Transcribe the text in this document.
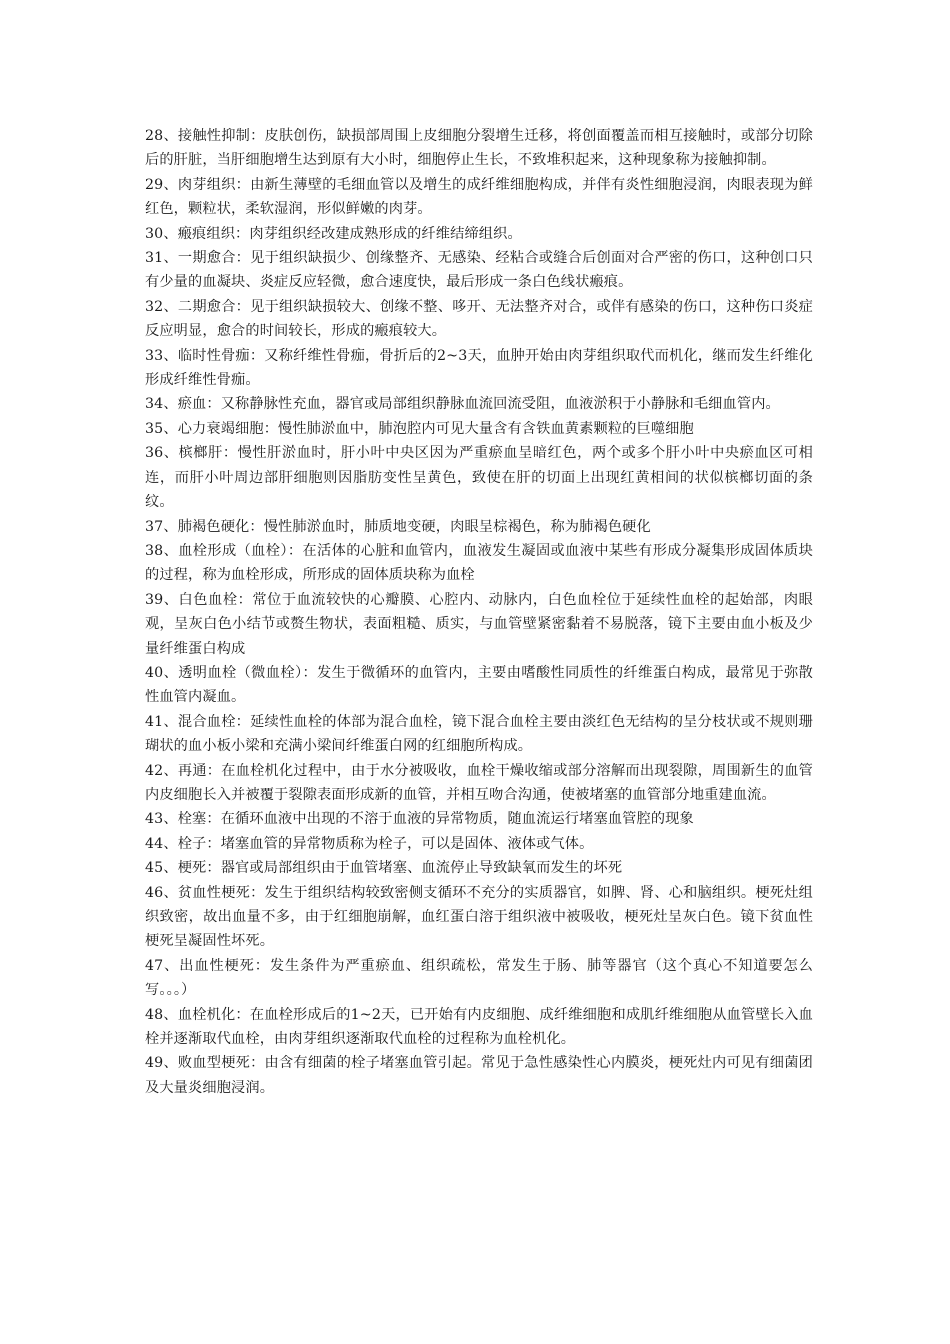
28、接触性抑制：皮肤创伤，缺损部周围上皮细胞分裂增生迁移，将创面覆盖而相互接触时，或部分切除后的肝脏，当肝细胞增生达到原有大小时，细胞停止生长，不致堆积起来，这种现象称为接触抑制。

29、肉芽组织：由新生薄壁的毛细血管以及增生的成纤维细胞构成，并伴有炎性细胞浸润，肉眼表现为鲜红色，颗粒状，柔软湿润，形似鲜嫩的肉芽。

30、瘢痕组织：肉芽组织经改建成熟形成的纤维结缔组织。

31、一期愈合：见于组织缺损少、创缘整齐、无感染、经粘合或缝合后创面对合严密的伤口，这种创口只有少量的血凝块、炎症反应轻微，愈合速度快，最后形成一条白色线状瘢痕。

32、二期愈合：见于组织缺损较大、创缘不整、哆开、无法整齐对合，或伴有感染的伤口，这种伤口炎症反应明显，愈合的时间较长，形成的瘢痕较大。

33、临时性骨痂：又称纤维性骨痂，骨折后的2~3天，血肿开始由肉芽组织取代而机化，继而发生纤维化形成纤维性骨痂。

34、瘀血：又称静脉性充血，器官或局部组织静脉血流回流受阻，血液淤积于小静脉和毛细血管内。

35、心力衰竭细胞：慢性肺淤血中，肺泡腔内可见大量含有含铁血黄素颗粒的巨噬细胞

36、槟榔肝：慢性肝淤血时，肝小叶中央区因为严重瘀血呈暗红色，两个或多个肝小叶中央瘀血区可相连，而肝小叶周边部肝细胞则因脂肪变性呈黄色，致使在肝的切面上出现红黄相间的状似槟榔切面的条纹。

37、肺褐色硬化：慢性肺淤血时，肺质地变硬，肉眼呈棕褐色，称为肺褐色硬化

38、血栓形成（血栓）：在活体的心脏和血管内，血液发生凝固或血液中某些有形成分凝集形成固体质块的过程，称为血栓形成，所形成的固体质块称为血栓

39、白色血栓：常位于血流较快的心瓣膜、心腔内、动脉内，白色血栓位于延续性血栓的起始部，肉眼观，呈灰白色小结节或赘生物状，表面粗糙、质实，与血管壁紧密黏着不易脱落，镜下主要由血小板及少量纤维蛋白构成

40、透明血栓（微血栓）：发生于微循环的血管内，主要由嗜酸性同质性的纤维蛋白构成，最常见于弥散性血管内凝血。

41、混合血栓：延续性血栓的体部为混合血栓，镜下混合血栓主要由淡红色无结构的呈分枝状或不规则珊瑚状的血小板小梁和充满小梁间纤维蛋白网的红细胞所构成。

42、再通：在血栓机化过程中，由于水分被吸收，血栓干燥收缩或部分溶解而出现裂隙，周围新生的血管内皮细胞长入并被覆于裂隙表面形成新的血管，并相互吻合沟通，使被堵塞的血管部分地重建血流。

43、栓塞：在循环血液中出现的不溶于血液的异常物质，随血流运行堵塞血管腔的现象

44、栓子：堵塞血管的异常物质称为栓子，可以是固体、液体或气体。

45、梗死：器官或局部组织由于血管堵塞、血流停止导致缺氧而发生的坏死

46、贫血性梗死：发生于组织结构较致密侧支循环不充分的实质器官，如脾、肾、心和脑组织。梗死灶组织致密，故出血量不多，由于红细胞崩解，血红蛋白溶于组织液中被吸收，梗死灶呈灰白色。镜下贫血性梗死呈凝固性坏死。

47、出血性梗死：发生条件为严重瘀血、组织疏松，常发生于肠、肺等器官（这个真心不知道要怎么写。。。）

48、血栓机化：在血栓形成后的1~2天，已开始有内皮细胞、成纤维细胞和成肌纤维细胞从血管壁长入血栓并逐渐取代血栓，由肉芽组织逐渐取代血栓的过程称为血栓机化。

49、败血型梗死：由含有细菌的栓子堵塞血管引起。常见于急性感染性心内膜炎，梗死灶内可见有细菌团及大量炎细胞浸润。
